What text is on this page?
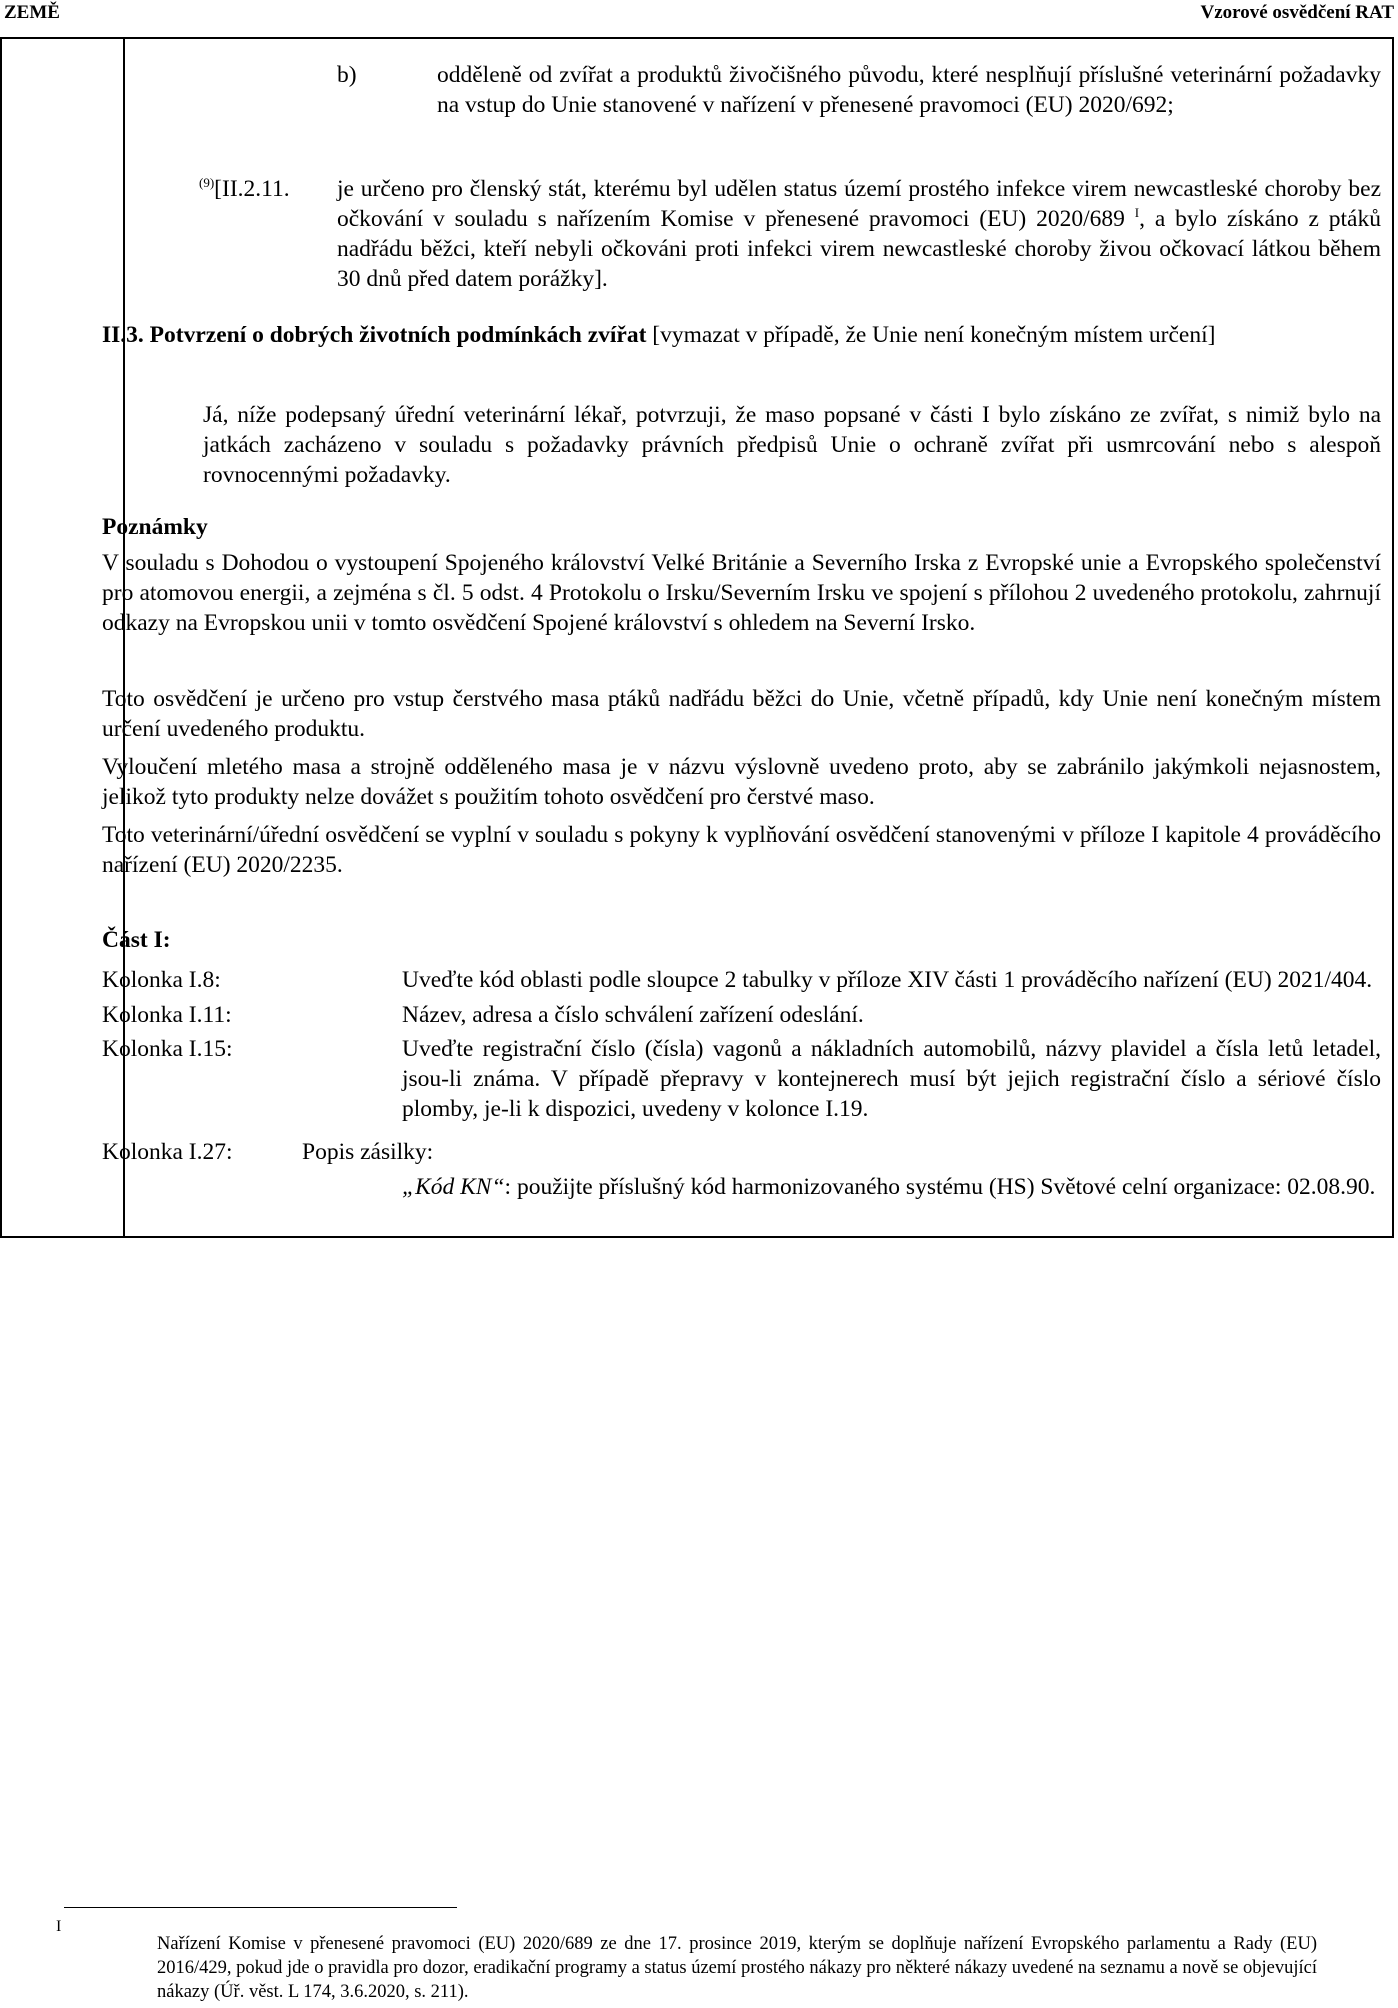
ZEMĚ	Vzorové osvědčení RAT
b)	odděleně od zvířat a produktů živočišného původu, které nesplňují příslušné veterinární požadavky na vstup do Unie stanovené v nařízení v přenesené pravomoci (EU) 2020/692;
$^{(9)}$[II.2.11. je určeno pro členský stát, kterému byl udělen status území prostého infekce virem newcastleské choroby bez očkování v souladu s nařízením Komise v přenesené pravomoci (EU) 2020/689 $^I$, a bylo získáno z ptáků nadřádu běžci, kteří nebyli očkováni proti infekci virem newcastleské choroby živou očkovací látkou během 30 dnů před datem porážky].
II.3. Potvrzení o dobrých životních podmínkách zvířat [vymazat v případě, že Unie není konečným místem určení]
Já, níže podepsaný úřední veterinární lékař, potvrzuji, že maso popsané v části I bylo získáno ze zvířat, s nimiž bylo na jatkách zacházeno v souladu s požadavky právních předpisů Unie o ochraně zvířat při usmrcování nebo s alespoň rovnocennými požadavky.
Poznámky
V souladu s Dohodou o vystoupení Spojeného království Velké Británie a Severního Irska z Evropské unie a Evropského společenství pro atomovou energii, a zejména s čl. 5 odst. 4 Protokolu o Irsku/Severním Irsku ve spojení s přílohou 2 uvedeného protokolu, zahrnují odkazy na Evropskou unii v tomto osvědčení Spojené království s ohledem na Severní Irsko.
Toto osvědčení je určeno pro vstup čerstvého masa ptáků nadřádu běžci do Unie, včetně případů, kdy Unie není konečným místem určení uvedeného produktu.
Vyloučení mletého masa a strojně odděleného masa je v názvu výslovně uvedeno proto, aby se zabránilo jakýmkoli nejasnostem, jelikož tyto produkty nelze dovážet s použitím tohoto osvědčení pro čerstvé maso.
Toto veterinární/úřední osvědčení se vyplní v souladu s pokyny k vyplňování osvědčení stanovenými v příloze I kapitole 4 prováděcího nařízení (EU) 2020/2235.
Část I:
Kolonka I.8:	Uveďte kód oblasti podle sloupce 2 tabulky v příloze XIV části 1 prováděcího nařízení (EU) 2021/404.
Kolonka I.11:	Název, adresa a číslo schválení zařízení odeslání.
Kolonka I.15:	Uveďte registrační číslo (čísla) vagonů a nákladních automobilů, názvy plavidel a čísla letů letadel, jsou-li známa. V případě přepravy v kontejnerech musí být jejich registrační číslo a sériové číslo plomby, je-li k dispozici, uvedeny v kolonce I.19.
Kolonka I.27:	Popis zásilky:
„Kód KN“: použijte příslušný kód harmonizovaného systému (HS) Světové celní organizace: 02.08.90.
I
Nařízení Komise v přenesené pravomoci (EU) 2020/689 ze dne 17. prosince 2019, kterým se doplňuje nařízení Evropského parlamentu a Rady (EU) 2016/429, pokud jde o pravidla pro dozor, eradikační programy a status území prostého nákazy pro některé nákazy uvedené na seznamu a nově se objevující nákazy (Úř. věst. L 174, 3.6.2020, s. 211).
